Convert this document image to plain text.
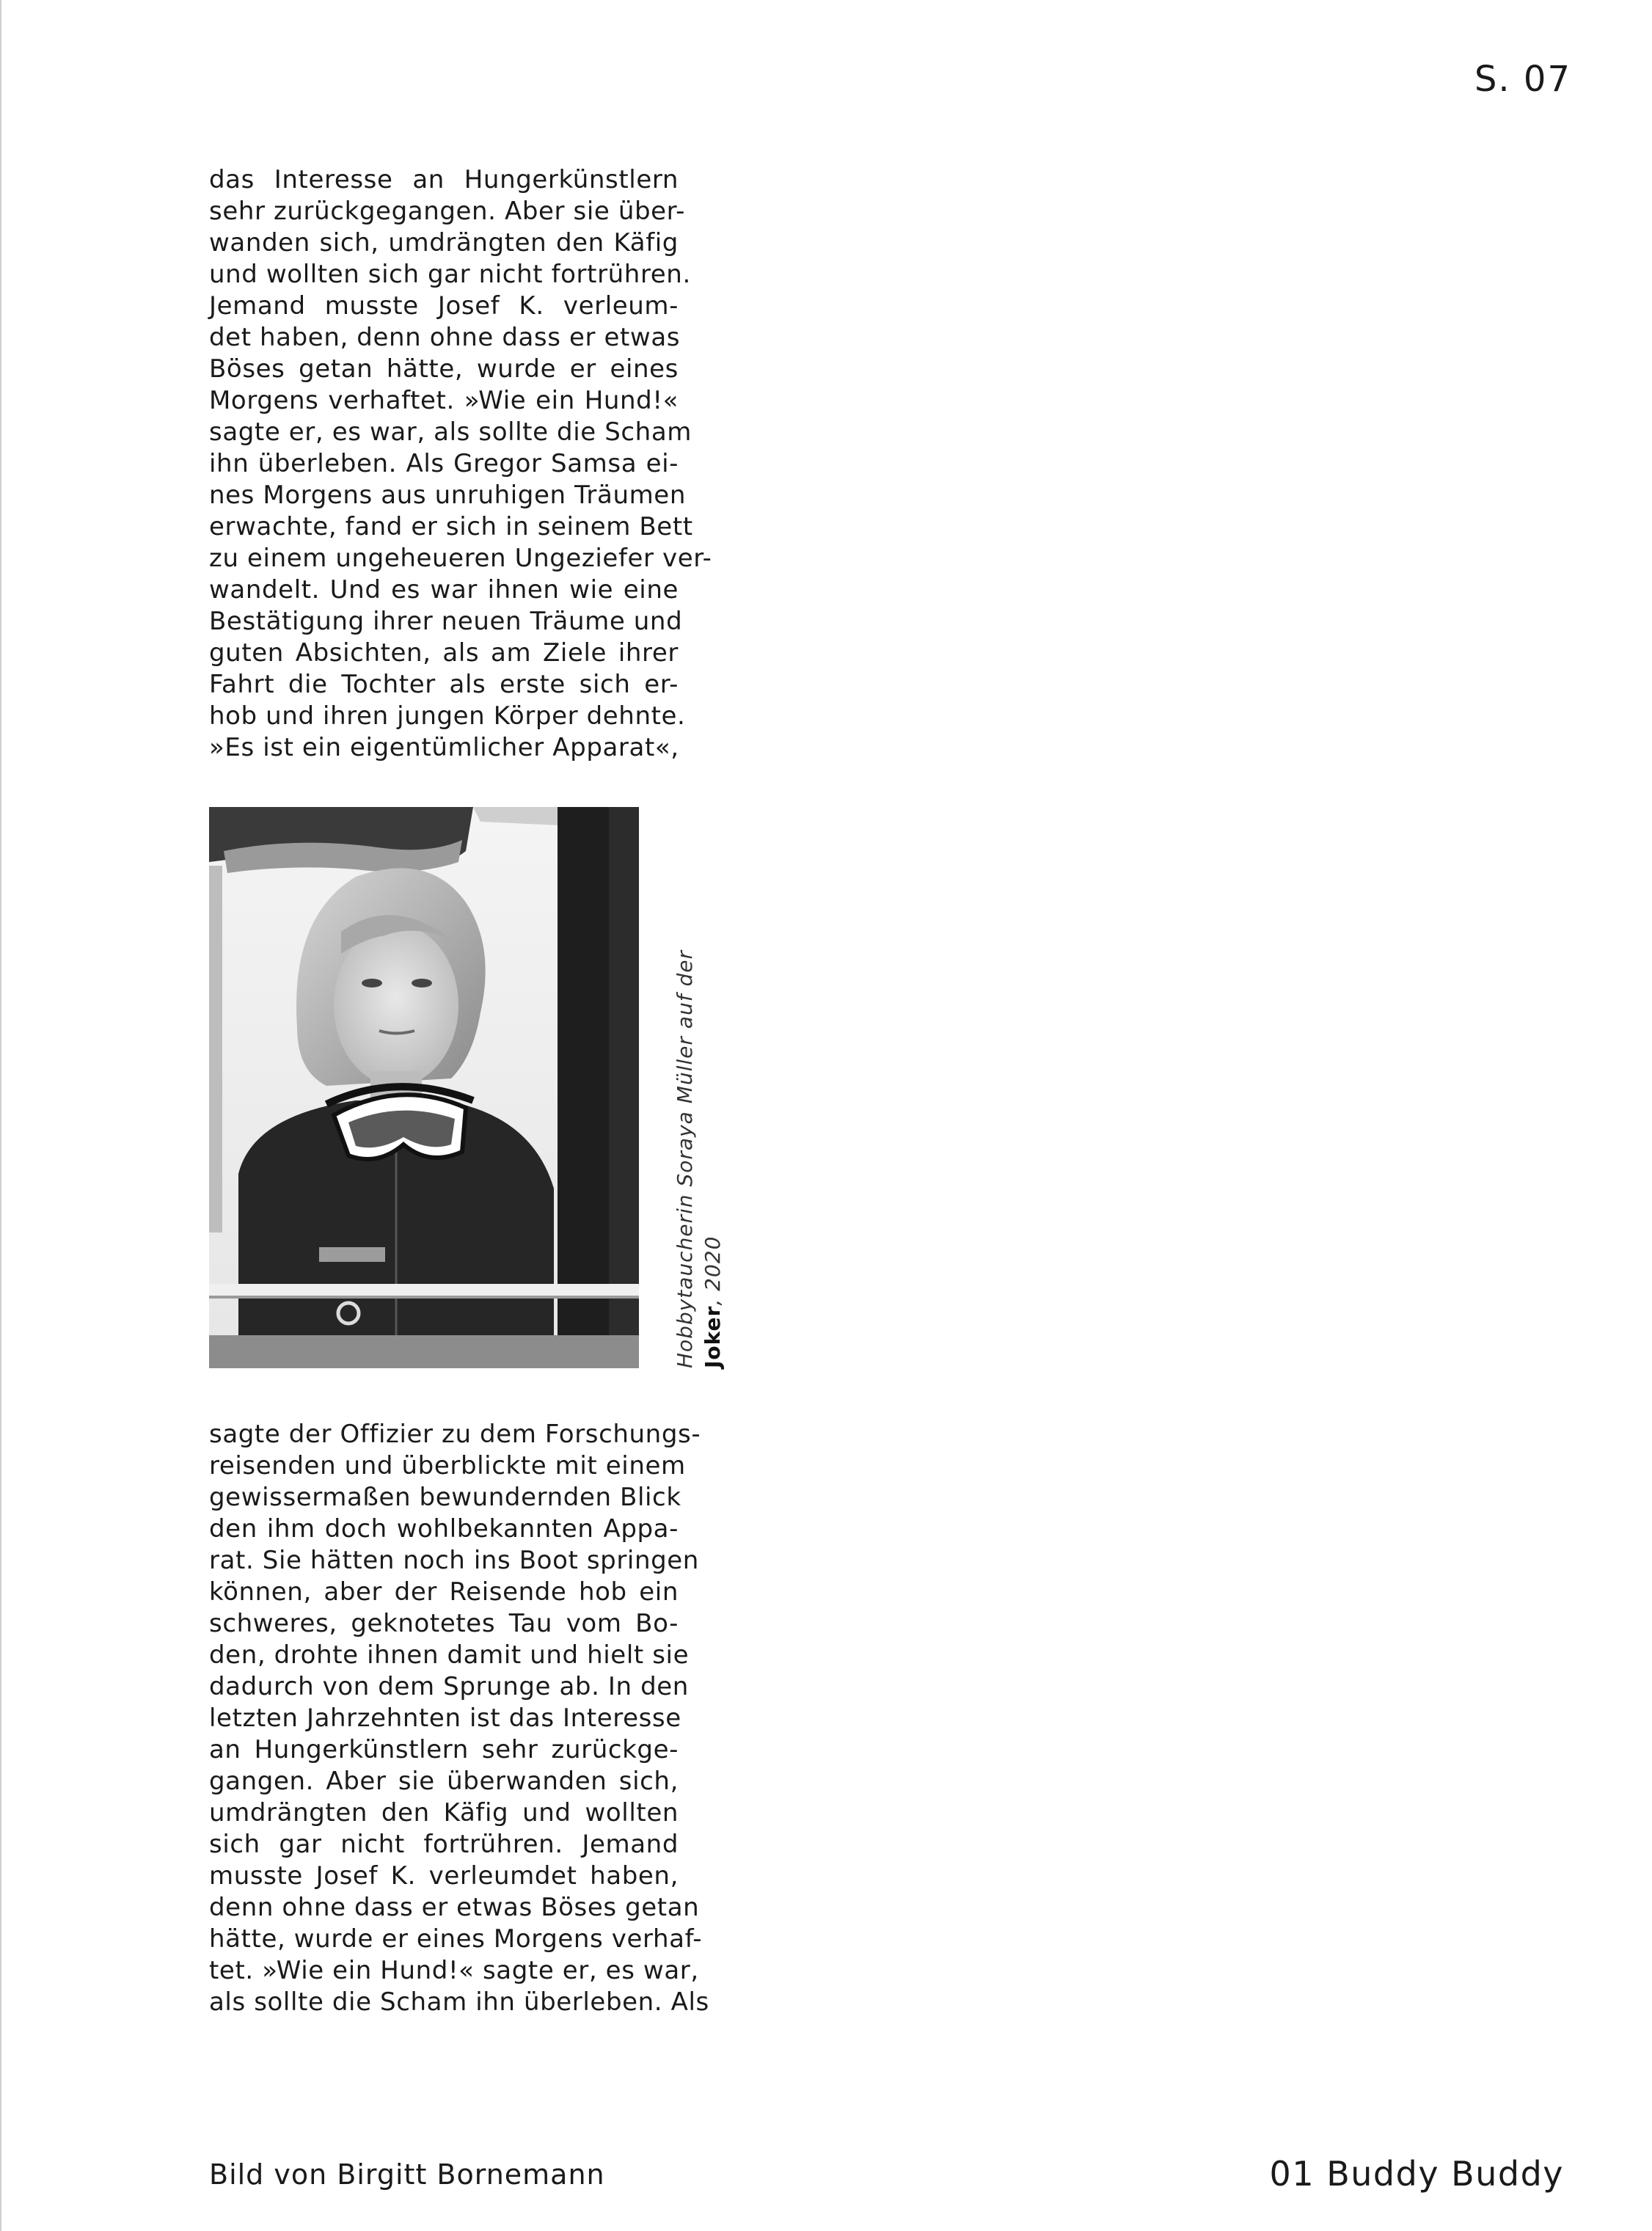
S. 07
das Interesse an Hungerkünstlern
sehr zurückgegangen. Aber sie über-
wanden sich, umdrängten den Käfig
und wollten sich gar nicht fortrühren.
Jemand musste Josef K. verleum-
det haben, denn ohne dass er etwas
Böses getan hätte, wurde er eines
Morgens verhaftet. »Wie ein Hund!«
sagte er, es war, als sollte die Scham
ihn überleben. Als Gregor Samsa ei-
nes Morgens aus unruhigen Träumen
erwachte, fand er sich in seinem Bett
zu einem ungeheueren Ungeziefer ver-
wandelt. Und es war ihnen wie eine
Bestätigung ihrer neuen Träume und
guten Absichten, als am Ziele ihrer
Fahrt die Tochter als erste sich er-
hob und ihren jungen Körper dehnte.
»Es ist ein eigentümlicher Apparat«,
Hobbytaucherin Soraya Müller auf der Joker, 2020
sagte der Offizier zu dem Forschungs-
reisenden und überblickte mit einem
gewissermaßen bewundernden Blick
den ihm doch wohlbekannten Appa-
rat. Sie hätten noch ins Boot springen
können, aber der Reisende hob ein
schweres, geknotetes Tau vom Bo-
den, drohte ihnen damit und hielt sie
dadurch von dem Sprunge ab. In den
letzten Jahrzehnten ist das Interesse
an Hungerkünstlern sehr zurückge-
gangen. Aber sie überwanden sich,
umdrängten den Käfig und wollten
sich gar nicht fortrühren. Jemand
musste Josef K. verleumdet haben,
denn ohne dass er etwas Böses getan
hätte, wurde er eines Morgens verhaf-
tet. »Wie ein Hund!« sagte er, es war,
als sollte die Scham ihn überleben. Als
Bild von Birgitt Bornemann	01 Buddy Buddy
